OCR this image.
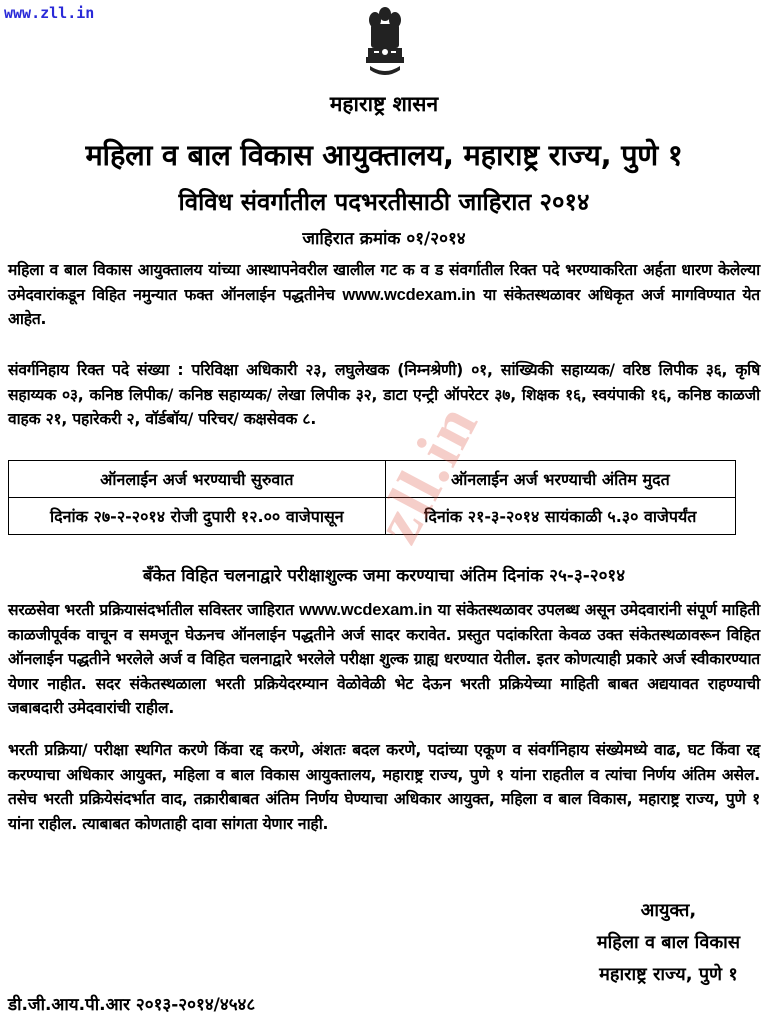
www.zll.in
महाराष्ट्र शासन
महिला व बाल विकास आयुक्तालय, महाराष्ट्र राज्य, पुणे १
विविध संवर्गातील पदभरतीसाठी जाहिरात २०१४
जाहिरात क्रमांक ०१/२०१४
महिला व बाल विकास आयुक्तालय यांच्या आस्थापनेवरील खालील गट क व ड संवर्गातील रिक्त पदे भरण्याकरिता अर्हता धारण केलेल्या उमेदवारांकडून विहित नमुन्यात फक्त ऑनलाईन पद्धतीनेच www.wcdexam.in या संकेतस्थळावर अधिकृत अर्ज मागविण्यात येत आहेत.
संवर्गनिहाय रिक्त पदे संख्या : परिविक्षा अधिकारी २३, लघुलेखक (निम्नश्रेणी) ०१, सांख्यिकी सहाय्यक/ वरिष्ठ लिपीक ३६, कृषि सहाय्यक ०३, कनिष्ठ लिपीक/ कनिष्ठ सहाय्यक/ लेखा लिपीक ३२, डाटा एन्ट्री ऑपरेटर ३७, शिक्षक १६, स्वयंपाकी १६, कनिष्ठ काळजी वाहक २१, पहारेकरी २, वॉर्डबॉय/ परिचर/ कक्षसेवक ८.
ऑनलाईन अर्ज भरण्याची सुरुवात	ऑनलाईन अर्ज भरण्याची अंतिम मुदत
दिनांक २७-२-२०१४ रोजी दुपारी १२.०० वाजेपासून	दिनांक २१-३-२०१४ सायंकाळी ५.३० वाजेपर्यंत
बँकेत विहित चलनाद्वारे परीक्षाशुल्क जमा करण्याचा अंतिम दिनांक २५-३-२०१४
सरळसेवा भरती प्रक्रियासंदर्भातील सविस्तर जाहिरात www.wcdexam.in या संकेतस्थळावर उपलब्ध असून उमेदवारांनी संपूर्ण माहिती काळजीपूर्वक वाचून व समजून घेऊनच ऑनलाईन पद्धतीने अर्ज सादर करावेत. प्रस्तुत पदांकरिता केवळ उक्त संकेतस्थळावरून विहित ऑनलाईन पद्धतीने भरलेले अर्ज व विहित चलनाद्वारे भरलेले परीक्षा शुल्क ग्राह्य धरण्यात येतील. इतर कोणत्याही प्रकारे अर्ज स्वीकारण्यात येणार नाहीत. सदर संकेतस्थळाला भरती प्रक्रियेदरम्यान वेळोवेळी भेट देऊन भरती प्रक्रियेच्या माहिती बाबत अद्ययावत राहण्याची जबाबदारी उमेदवारांची राहील.
भरती प्रक्रिया/ परीक्षा स्थगित करणे किंवा रद्द करणे, अंशतः बदल करणे, पदांच्या एकूण व संवर्गनिहाय संख्येमध्ये वाढ, घट किंवा रद्द करण्याचा अधिकार आयुक्त, महिला व बाल विकास आयुक्तालय, महाराष्ट्र राज्य, पुणे १ यांना राहतील व त्यांचा निर्णय अंतिम असेल. तसेच भरती प्रक्रियेसंदर्भात वाद, तक्रारीबाबत अंतिम निर्णय घेण्याचा अधिकार आयुक्त, महिला व बाल विकास, महाराष्ट्र राज्य, पुणे १ यांना राहील. त्याबाबत कोणताही दावा सांगता येणार नाही.
आयुक्त,
महिला व बाल विकास
महाराष्ट्र राज्य, पुणे १
डी.जी.आय.पी.आर २०१३-२०१४/४५४८
zll.in
